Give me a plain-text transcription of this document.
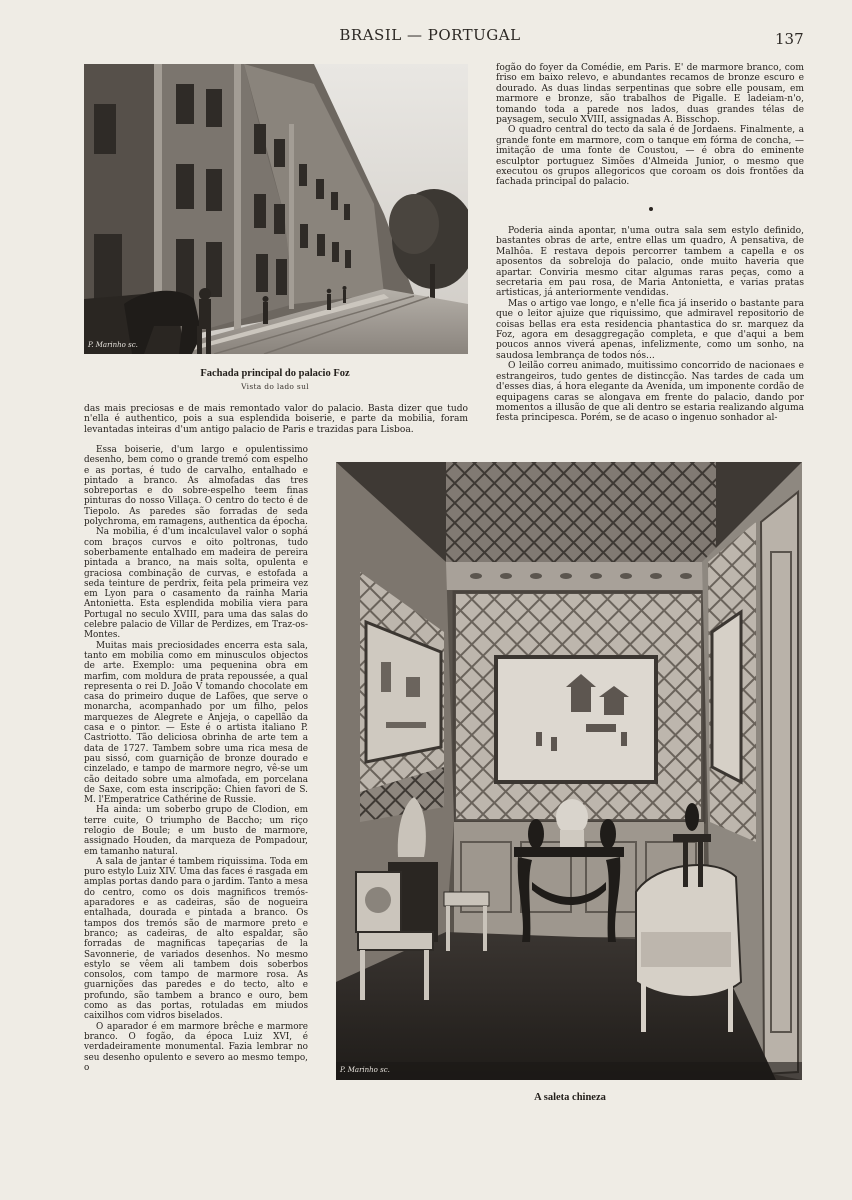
BRASIL — PORTUGAL	137
P. Marinho sc.
Fachada principal do palacio Foz
Vista do lado sul

fogão do foyer da Comédie, em Paris. E' de marmore branco, com friso em baixo relevo, e abundantes recamos de bronze escuro e dourado. As duas lindas serpentinas que sobre elle pousam, em marmore e bronze, são trabalhos de Pigalle. E ladeiam-n'o, tomando toda a parede nos lados, duas grandes télas de paysagem, seculo XVIII, assignadas A. Bisschop.

O quadro central do tecto da sala é de Jordaens. Finalmente, a grande fonte em marmore, com o tanque em fórma de concha, — imitação de uma fonte de Coustou, — é obra do eminente esculptor portuguez Simões d'Almeida Junior, o mesmo que executou os grupos allegoricos que coroam os dois frontões da fachada principal do palacio.

Poderia ainda apontar, n'uma outra sala sem estylo definido, bastantes obras de arte, entre ellas um quadro, A pensativa, de Malhôa. E restava depois percorrer tambem a capella e os aposentos da sobreloja do palacio, onde muito haveria que apartar. Conviria mesmo citar algumas raras peças, como a secretaria em pau rosa, de Maria Antonietta, e varias pratas artisticas, já anteriormente vendidas.

Mas o artigo vae longo, e n'elle fica já inserido o bastante para que o leitor ajuize que riquissimo, que admiravel repositorio de coisas bellas era esta residencia phantastica do sr. marquez da Foz, agora em desaggregação completa, e que d'aqui a bem poucos annos viverá apenas, infelizmente, como um sonho, na saudosa lembrança de todos nós...

O leilão correu animado, muitissimo concorrido de nacionaes e estrangeiros, tudo gentes de distincção. Nas tardes de cada um d'esses dias, á hora elegante da Avenida, um imponente cordão de equipagens caras se alongava em frente do palacio, dando por momentos a illusão de que ali dentro se estaria realizando alguma festa principesca. Porém, se de acaso o ingenuo sonhador al-

das mais preciosas e de mais remontado valor do palacio. Basta dizer que tudo n'ella é authentico, pois a sua esplendida boiserie, e parte da mobilia, foram levantadas inteiras d'um antigo palacio de Paris e trazidas para Lisboa.

Essa boiserie, d'um largo e opulentissimo desenho, bem como o grande tremó com espelho e as portas, é tudo de carvalho, entalhado e pintado a branco. As almofadas das tres sobreportas e do sobre-espelho teem finas pinturas do nosso Villaça. O centro do tecto é de Tiepolo. As paredes são forradas de seda polychroma, em ramagens, authentica da épocha.

Na mobilia, é d'um incalculavel valor o sophá com braços curvos e oito poltronas, tudo soberbamente entalhado em madeira de pereira pintada a branco, na mais solta, opulenta e graciosa combinação de curvas, e estofada a seda teinture de perdrix, feita pela primeira vez em Lyon para o casamento da rainha Maria Antonietta. Esta esplendida mobilia viera para Portugal no seculo XVIII, para uma das salas do celebre palacio de Villar de Perdizes, em Traz-os-Montes.

Muitas mais preciosidades encerra esta sala, tanto em mobilia como em minusculos objectos de arte. Exemplo: uma pequenina obra em marfim, com moldura de prata repoussée, a qual representa o rei D. João V tomando chocolate em casa do primeiro duque de Lafões, que serve o monarcha, acompanhado por um filho, pelos marquezes de Alegrete e Anjeja, o capellão da casa e o pintor. — Este é o artista italiano P. Castriotto. Tão deliciosa obrinha de arte tem a data de 1727. Tambem sobre uma rica mesa de pau sissó, com guarnição de bronze dourado e cinzelado, e tampo de marmore negro, vê-se um cão deitado sobre uma almofada, em porcelana de Saxe, com esta inscripção: Chien favori de S. M. l'Emperatrice Cathérine de Russie.

Ha ainda: um soberbo grupo de Clodion, em terre cuite, O triumpho de Baccho; um riço relogio de Boule; e um busto de marmore, assignado Houden, da marqueza de Pompadour, em tamanho natural.

A sala de jantar é tambem riquissima. Toda em puro estylo Luiz XIV. Uma das faces é rasgada em amplas portas dando para o jardim. Tanto a mesa do centro, como os dois magnificos tremós-aparadores e as cadeiras, são de nogueira entalhada, dourada e pintada a branco. Os tampos dos tremós são de marmore preto e branco; as cadeiras, de alto espaldar, são forradas de magnificas tapeçarias de la Savonnerie, de variados desenhos. No mesmo estylo se vêem ali tambem dois soberbos consolos, com tampo de marmore rosa. As guarnições das paredes e do tecto, alto e profundo, são tambem a branco e ouro, bem como as das portas, rotuladas em miudos caixilhos com vidros biselados.

O aparador é em marmore brêche e marmore branco. O fogão, da época Luiz XVI, é verdadeiramente monumental. Fazia lembrar no seu desenho opulento e severo ao mesmo tempo, o	P. Marinho sc.
A saleta chineza
